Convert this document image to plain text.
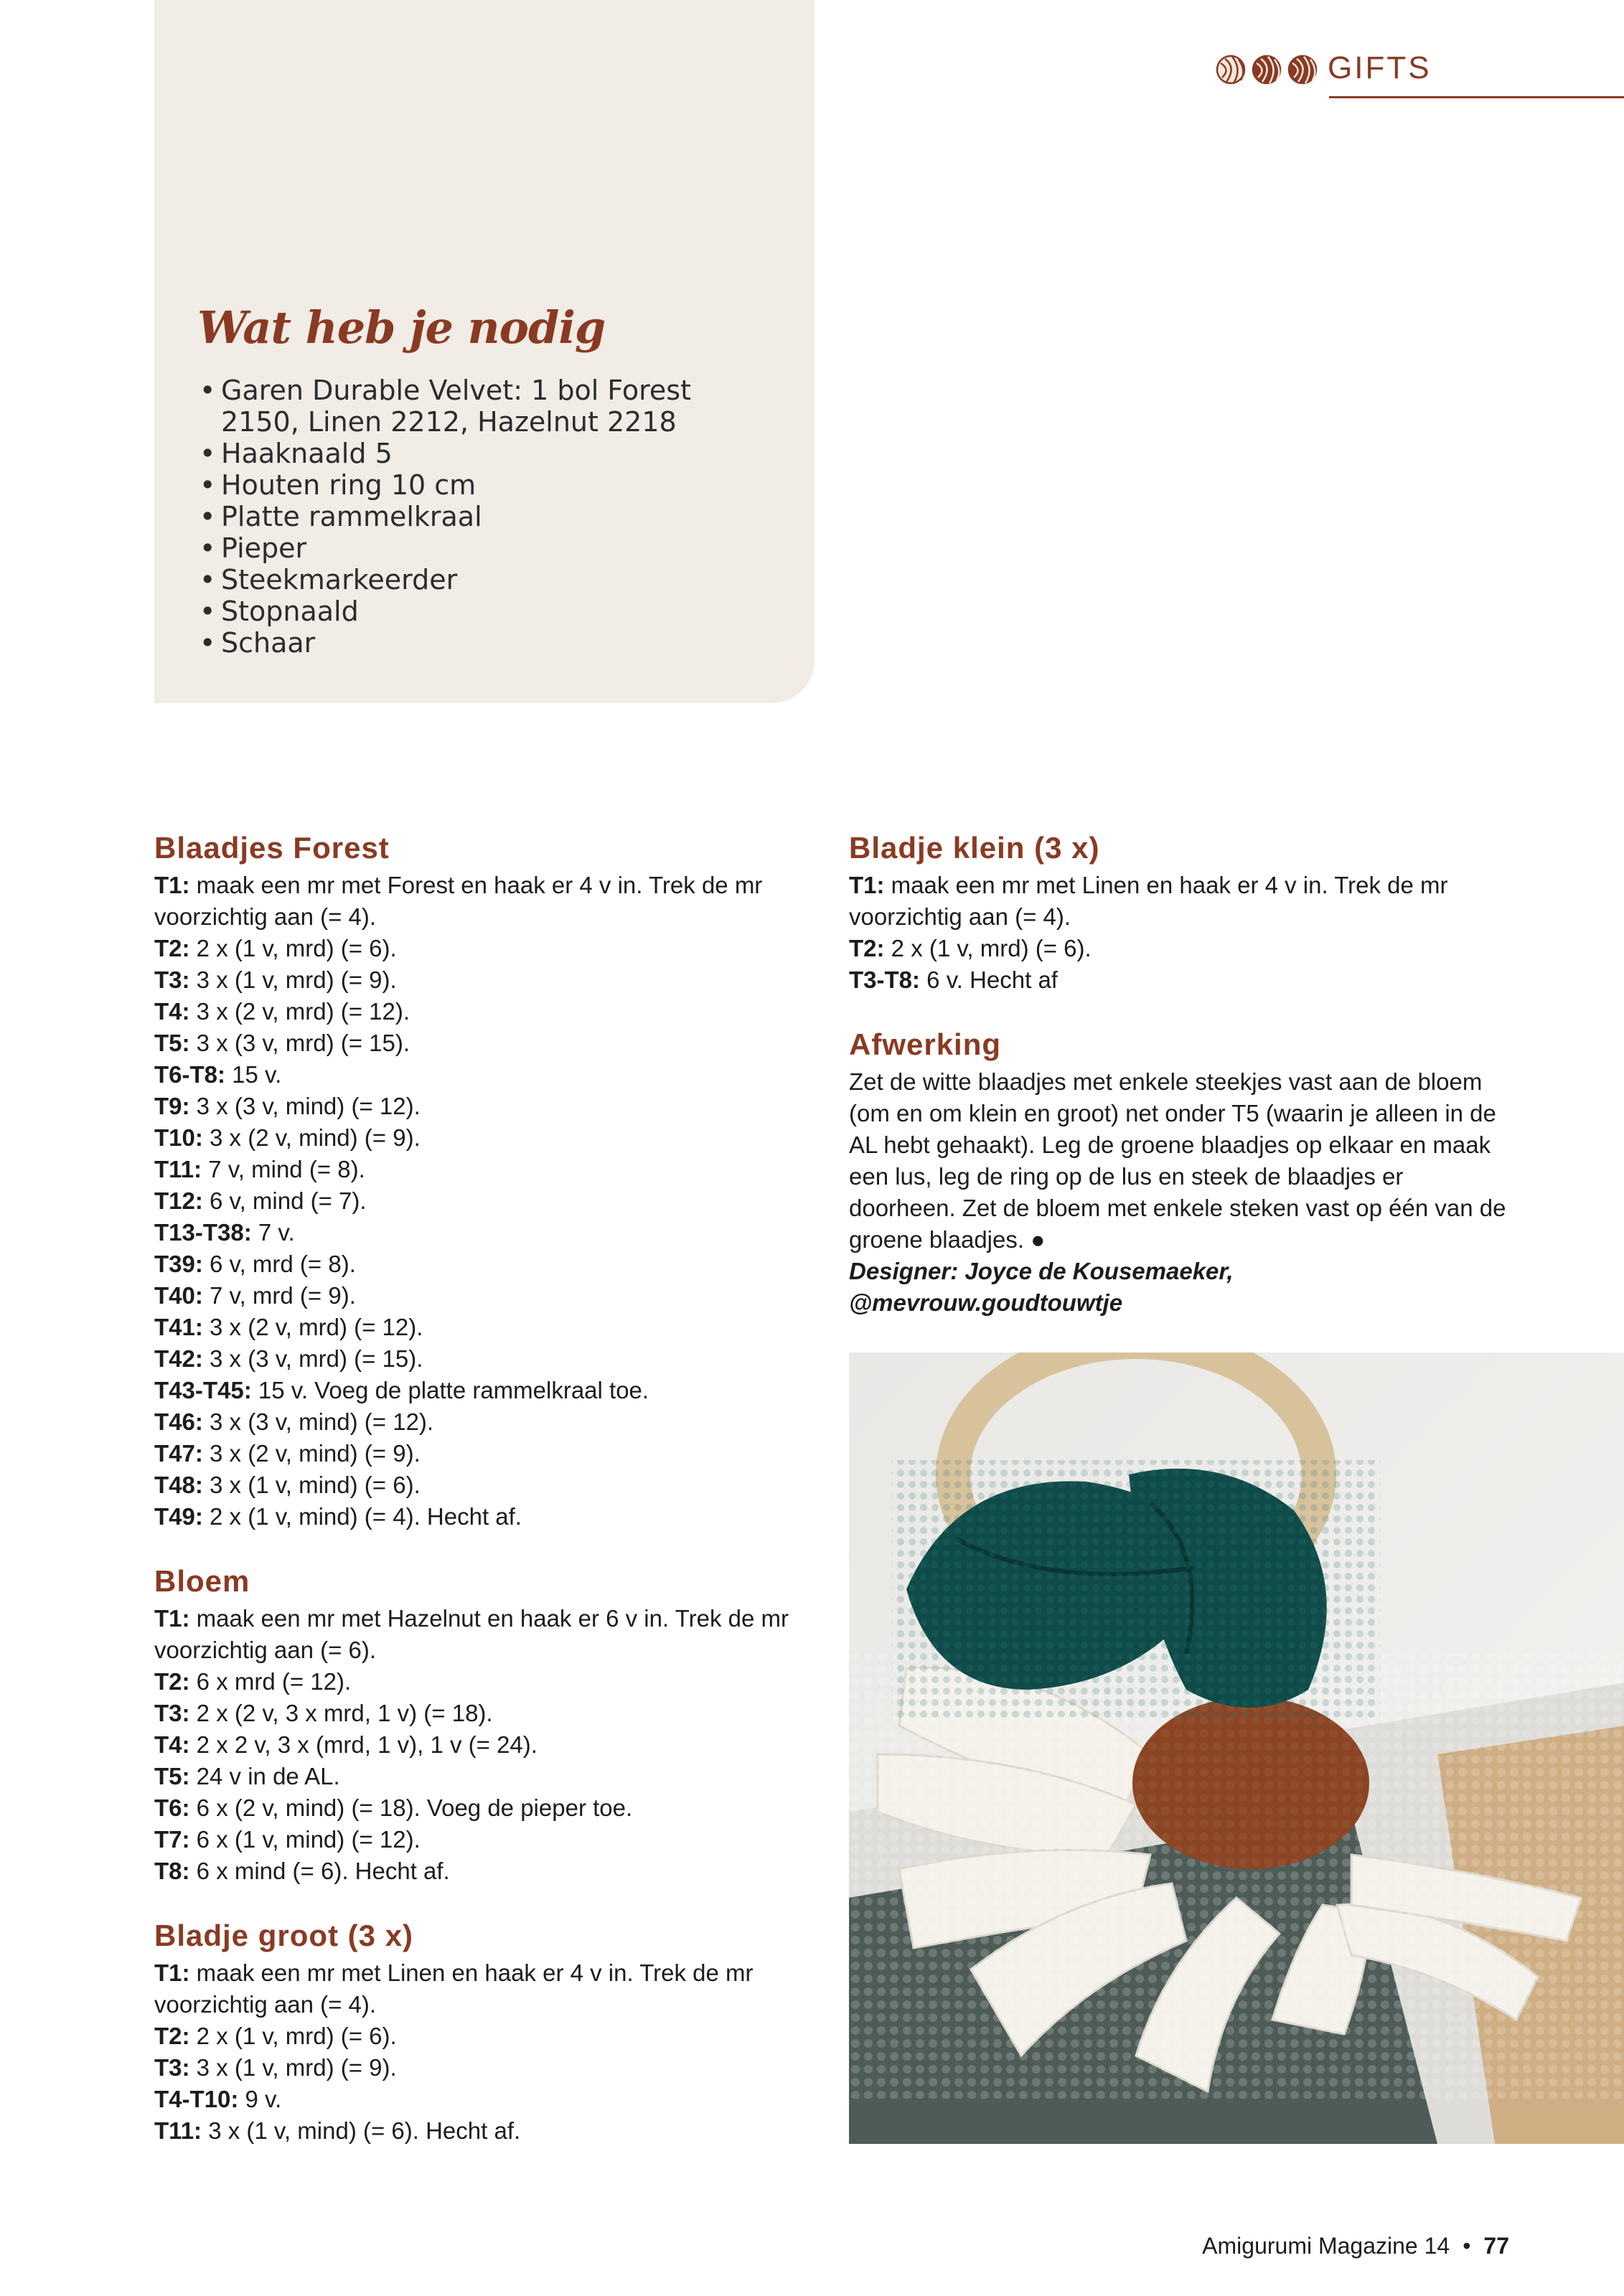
GIFTS
Wat heb je nodig
• Garen Durable Velvet: 1 bol Forest 2150, Linen 2212, Hazelnut 2218
• Haaknaald 5
• Houten ring 10 cm
• Platte rammelkraal
• Pieper
• Steekmarkeerder
• Stopnaald
• Schaar
Blaadjes Forest

T1: maak een mr met Forest en haak er 4 v in. Trek de mr voorzichtig aan (= 4).

T2: 2 x (1 v, mrd) (= 6).

T3: 3 x (1 v, mrd) (= 9).

T4: 3 x (2 v, mrd) (= 12).

T5: 3 x (3 v, mrd) (= 15).

T6-T8: 15 v.

T9: 3 x (3 v, mind) (= 12).

T10: 3 x (2 v, mind) (= 9).

T11: 7 v, mind (= 8).

T12: 6 v, mind (= 7).

T13-T38: 7 v.

T39: 6 v, mrd (= 8).

T40: 7 v, mrd (= 9).

T41: 3 x (2 v, mrd) (= 12).

T42: 3 x (3 v, mrd) (= 15).

T43-T45: 15 v. Voeg de platte rammelkraal toe.

T46: 3 x (3 v, mind) (= 12).

T47: 3 x (2 v, mind) (= 9).

T48: 3 x (1 v, mind) (= 6).

T49: 2 x (1 v, mind) (= 4). Hecht af.

Bloem

T1: maak een mr met Hazelnut en haak er 6 v in. Trek de mr voorzichtig aan (= 6).

T2: 6 x mrd (= 12).

T3: 2 x (2 v, 3 x mrd, 1 v) (= 18).

T4: 2 x 2 v, 3 x (mrd, 1 v), 1 v (= 24).

T5: 24 v in de AL.

T6: 6 x (2 v, mind) (= 18). Voeg de pieper toe.

T7: 6 x (1 v, mind) (= 12).

T8: 6 x mind (= 6). Hecht af.

Bladje groot (3 x)

T1: maak een mr met Linen en haak er 4 v in. Trek de mr voorzichtig aan (= 4).

T2: 2 x (1 v, mrd) (= 6).

T3: 3 x (1 v, mrd) (= 9).

T4-T10: 9 v.

T11: 3 x (1 v, mind) (= 6). Hecht af.

Bladje klein (3 x)

T1: maak een mr met Linen en haak er 4 v in. Trek de mr voorzichtig aan (= 4).

T2: 2 x (1 v, mrd) (= 6).

T3-T8: 6 v. Hecht af

Afwerking

Zet de witte blaadjes met enkele steekjes vast aan de bloem (om en om klein en groot) net onder T5 (waarin je alleen in de AL hebt gehaakt). Leg de groene blaadjes op elkaar en maak een lus, leg de ring op de lus en steek de blaadjes er doorheen. Zet de bloem met enkele steken vast op één van de groene blaadjes. ●

Designer: Joyce de Kousemaeker,

@mevrouw.goudtouwtje

Amigurumi Magazine 14 • 77
